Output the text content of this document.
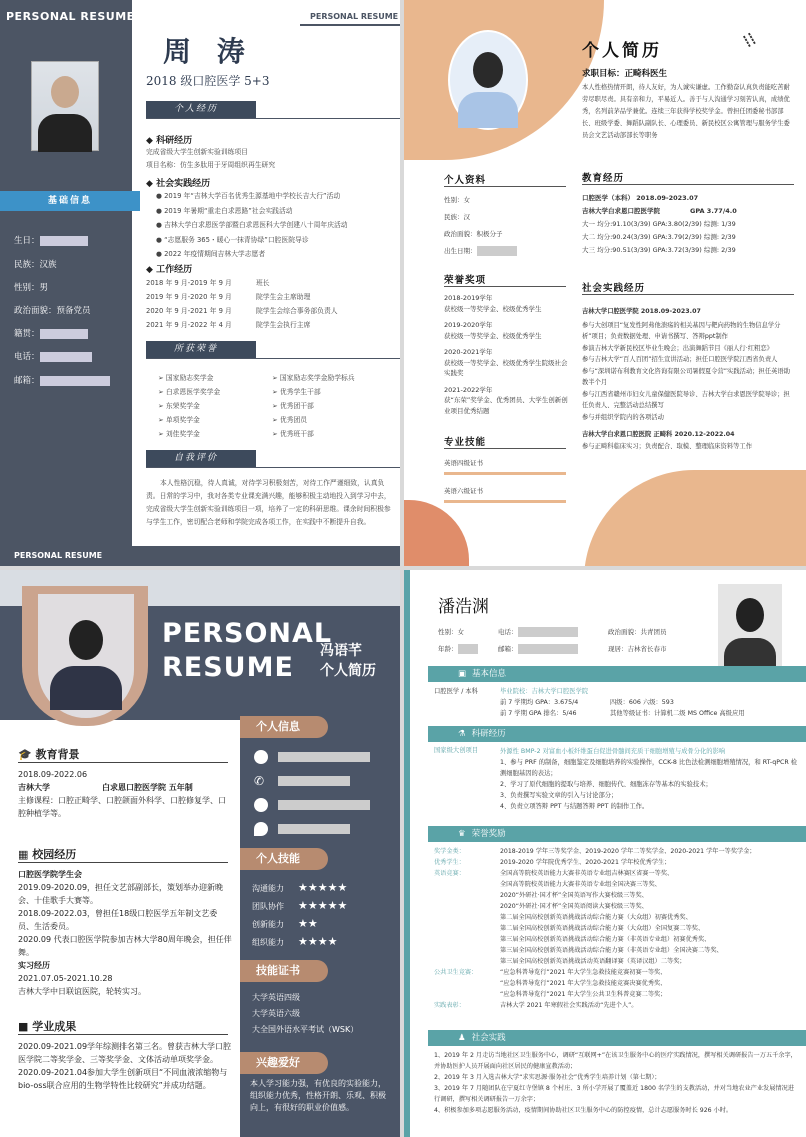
PERSONAL RESUME	PERSONAL RESUME
基础信息
生日：
民族：汉族
性别：男
政治面貌：预备党员
籍贯：
电话：
邮箱：
周 涛
2018 级口腔医学 5+3
个人经历
◆ 科研经历
完成省级大学生创新实验训练项目
项目名称：仿生多肽用于牙周组织再生研究
◆ 社会实践经历
● 2019 年“吉林大学百名优秀生源基地中学校长吉大行”活动
● 2019 年暑期“重走白求恩路”社会实践活动
● 吉林大学白求恩医学部暨白求恩医科大学创建八十周年庆活动
● “志愿服务 365・暖心一抹青协绿”口腔医院导诊
● 2022 年疫情期间吉林大学志愿者
◆ 工作经历
2018 年 9 月-2019 年 9 月	班长
2019 年 9 月-2020 年 9 月	院学生会主席助理
2020 年 9 月-2021 年 9 月	院学生会综合事务部负责人
2021 年 9 月-2022 年 4 月	院学生会执行主席
所获荣誉
➢ 国家励志奖学金
➢ 白求恩医学奖学金
➢ 东荣奖学金
➢ 单项奖学金
➢ 刘佳奖学金
➢ 国家励志奖学金励学标兵
➢ 优秀学生干部
➢ 优秀团干部
➢ 优秀团员
➢ 优秀班干部
自我评价
本人性格沉稳，待人真诚，对待学习积极刻苦，对待工作严谨细致，认真负责。日常的学习中，我对各类专业课充满兴趣，能够积极主动地投入到学习中去，完成省级大学生创新实验训练项目一项，培养了一定的科研思维。课余时间积极参与学生工作，密切配合老师和学院完成各项工作，在实践中不断提升自我。
PERSONAL RESUME
个人简历	⁞⁞
求职目标：正畸科医生
本人性格热情开朗，待人友好，为人诚实谦虚。工作勤奋认真负责能吃苦耐劳尽职尽责。具有亲和力，平易近人。善于与人沟通学习刻苦认真，成绩优秀，名列前茅品学兼优。连续三年获得学校奖学金。曾担任团委秘书部部长、班级学委、舞蹈队副队长、心理委员、新民校区公寓管理与服务学生委员会文艺活动部部长等职务
个人资料
性别：女
民族：汉
政治面貌：积极分子
出生日期：
荣誉奖项
2018-2019学年
获校级一等奖学金、校级优秀学生
2019-2020学年
获校级一等奖学金、校级优秀学生
2020-2021学年
获校级一等奖学金、校级优秀学生院级社会实践奖
2021-2022学年
获“东荣”奖学金、优秀团员、大学生创新创业项目优秀结题
专业技能
英语四级证书
英语六级证书
教育经历
口腔医学（本科） 2018.09-2023.07
吉林大学白求恩口腔医学院	GPA 3.77/4.0
大一 均分:91.10(3/39) GPA:3.80(2/39) 综测: 1/39
大二 均分:90.24(3/39) GPA:3.79(2/39) 综测: 2/39
大三 均分:90.51(3/39) GPA:3.72(3/39) 综测: 2/39
社会实践经历
吉林大学口腔医学院 2018.09-2023.07
参与大创项目“复发性阿弗他溃疡的相关基因与靶向药物的生物信息学分析”项目；负责数据处理、申请书撰写、答辩ppt制作
参演吉林大学新民校区毕业生晚会；出演舞蹈节目《丽人行·红粗恋》
参与吉林大学“百人百团”招生宣讲活动；担任口腔医学院江西省负责人
参与“深圳诺布利教育文化咨询有限公司暑假夏令营”实践活动；担任英语助教半个月
参与江西省赣州市妇女儿童保健医院导诊、吉林大学白求恩医学院导诊；担任负责人、完整活动总结撰写
参与并组织学院内的各项活动
吉林大学白求恩口腔医院 正畸科 2020.12-2022.04
参与正畸科临床实习；负责配合、取模、整理临床资料等工作
PERSONAL
RESUME
冯语芊
个人简历
个人信息
✆
个人技能
沟通能力 ★★★★★
团队协作 ★★★★★
创新能力 ★★
组织能力 ★★★★
技能证书
大学英语四级
大学英语六级
大全国外语水平考试（WSK）
兴趣爱好
本人学习能力强，有优良的实验能力，组织能力优秀，性格开朗、乐观、积极向上，有很好的职业价值感。
🎓 教育背景
2018.09-2022.06
吉林大学	白求恩口腔医学院 五年制
主修课程：口腔正畸学、口腔颌面外科学、口腔修复学、口腔种植学等。
▦ 校园经历
口腔医学院学生会
2019.09-2020.09，担任文艺部副部长，策划举办迎新晚会、十佳歌手大赛等。
2018.09-2022.03，曾担任18级口腔医学五年制文艺委员、生活委员。
2020.09 代表口腔医学院参加吉林大学80周年晚会，担任伴舞。
实习经历
2021.07.05-2021.10.28
吉林大学中日联谊医院，轮转实习。
■ 学业成果
2020.09-2021.09学年综测排名第三名。曾获吉林大学口腔医学院二等奖学金、三等奖学金、文体活动单项奖学金。
2020.09-2021.04参加大学生创新项目“不同血液浓缩物与bio-oss联合应用的生物学特性比较研究”并成功结题。
潘浩渊
性别：女	电话：	政治面貌：共青团员
年龄：	邮箱：	现居：吉林省长春市
▣ 基本信息
口腔医学 / 本科	毕业院校：吉林大学口腔医学院
前 7 学期均 GPA：3.675/4	四级：606 六级：593
前 7 学期 GPA 排名：5/46	其他等级证书：计算机二级 MS Office 高级应用
⚗ 科研经历
国家级大创项目	外源性 BMP-2 对富血小板纤维蛋白促进骨髓间充质干细胞增殖与成骨分化的影响
1、参与 PRF 的制备，细胞鉴定及细胞培养的实验操作，CCK-8 比色法检测细胞增殖情况，和 RT-qPCR 检测细胞基因的表达；
2、学习了原代细胞的提取与培养、细胞传代、细胞冻存等基本的实验技术；
3、负责撰写实验文章的引入与讨论部分；
4、负责立项答辩 PPT 与结题答辩 PPT 的制作工作。
♛ 荣誉奖励
奖学金类：	2018-2019 学年三等奖学金、2019-2020 学年二等奖学金、2020-2021 学年一等奖学金；
优秀学生：	2019-2020 学年院优秀学生、2020-2021 学年校优秀学生；
英语竞赛：	全国高等院校英语能力大赛非英语专业组吉林赛区省赛一等奖、
全国高等院校英语能力大赛非英语专业组全国决赛三等奖、
2020“外研社·国才杯”全国英语写作大赛校级三等奖、
2020“外研社·国才杯”全国英语阅读大赛校级三等奖、
第二届全国高校创新英语挑战活动综合能力赛（大众组）初赛优秀奖、
第二届全国高校创新英语挑战活动综合能力赛（大众组）全国复赛二等奖、
第三届全国高校创新英语挑战活动综合能力赛（非英语专业组）初赛优秀奖、
第三届全国高校创新英语挑战活动综合能力赛（非英语专业组）全国决赛二等奖、
第三届全国高校创新英语挑战活动英语翻译赛（英译汉组）二等奖；
公共卫生竞赛：	“应急科普导览行”2021 年大学生急救技能竞赛初赛一等奖、
“应急科普导览行”2021 年大学生急救技能竞赛决赛优秀奖、
“应急科普导览行”2021 年大学生公共卫生科普竞赛二等奖；
实践表彰：	吉林大学 2021 年寒假社会实践活动“先进个人”。
♟ 社会实践
1、2019 年 2 月走访当地社区卫生服务中心，调研“互联网+”在该卫生服务中心的医疗实践情况，撰写相关调研报告一万五千余字，并协助医护人员开展面向社区居民的健康宣教活动；
2、2019 年 3 月入选吉林大学“求实思源·服务社会”优秀学生培养计划（第七期）；
3、2019 年 7 月随团队在宁夏红寺堡镇 8 个村庄、3 所小学开展了覆盖近 1800 名学生的支教活动，并对当地农业产业发展情况进行调研，撰写相关调研报告一万余字；
4、积极参加多项志愿服务活动，疫情期间协助社区卫生服务中心的防控疫情，总计志愿服务时长 926 小时。
